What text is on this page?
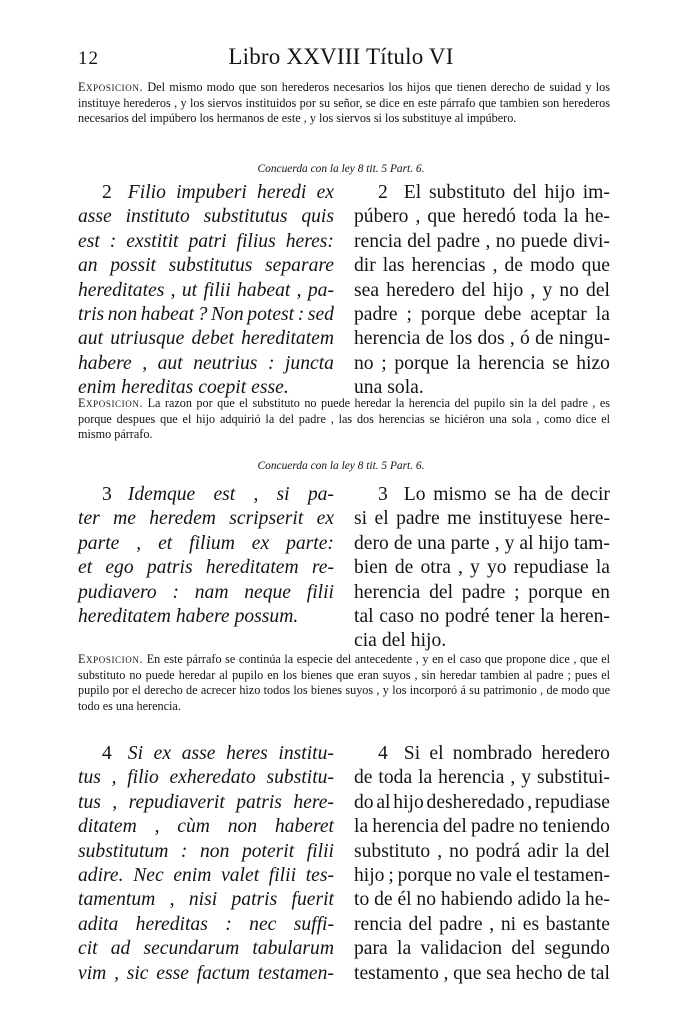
12	Libro XXVIII Título VI
Exposicion. Del mismo modo que son herederos necesarios los hijos que tienen derecho de suidad y los instituye herederos , y los siervos instituidos por su señor, se dice en este párrafo que tambien son herederos necesarios del impúbero los hermanos de este , y los siervos si los substituye al impúbero.
Concuerda con la ley 8 tit. 5 Part. 6.
2 Filio impuberi heredi ex
asse instituto substitutus quis
est : exstitit patri filius heres:
an possit substitutus separare
hereditates , ut filii habeat , pa-
tris non habeat ? Non potest : sed
aut utriusque debet hereditatem
habere , aut neutrius : juncta
enim hereditas coepit esse.
2 El substituto del hijo im-
púbero , que heredó toda la he-
rencia del padre , no puede divi-
dir las herencias , de modo que
sea heredero del hijo , y no del
padre ; porque debe aceptar la
herencia de los dos , ó de ningu-
no ; porque la herencia se hizo
una sola.
Exposicion. La razon por que el substituto no puede heredar la herencia del pupilo sin la del padre , es porque despues que el hijo adquirió la del padre , las dos herencias se hiciéron una sola , como dice el mismo párrafo.
Concuerda con la ley 8 tit. 5 Part. 6.
3 Idemque est , si pa-
ter me heredem scripserit ex
parte , et filium ex parte:
et ego patris hereditatem re-
pudiavero : nam neque filii
hereditatem habere possum.
3 Lo mismo se ha de decir
si el padre me instituyese here-
dero de una parte , y al hijo tam-
bien de otra , y yo repudiase la
herencia del padre ; porque en
tal caso no podré tener la heren-
cia del hijo.
Exposicion. En este párrafo se continúa la especie del antecedente , y en el caso que propone dice , que el substituto no puede heredar al pupilo en los bienes que eran suyos , sin heredar tambien al padre ; pues el pupilo por el derecho de acrecer hizo todos los bienes suyos , y los incorporó á su patrimonio , de modo que todo es una herencia.
4 Si ex asse heres institu-
tus , filio exheredato substitu-
tus , repudiaverit patris here-
ditatem , cùm non haberet
substitutum : non poterit filii
adire. Nec enim valet filii tes-
tamentum , nisi patris fuerit
adita hereditas : nec suffi-
cit ad secundarum tabularum
vim , sic esse factum testamen-
4 Si el nombrado heredero
de toda la herencia , y substitui-
do al hijo desheredado , repudiase
la herencia del padre no teniendo
substituto , no podrá adir la del
hijo ; porque no vale el testamen-
to de él no habiendo adido la he-
rencia del padre , ni es bastante
para la validacion del segundo
testamento , que sea hecho de tal
